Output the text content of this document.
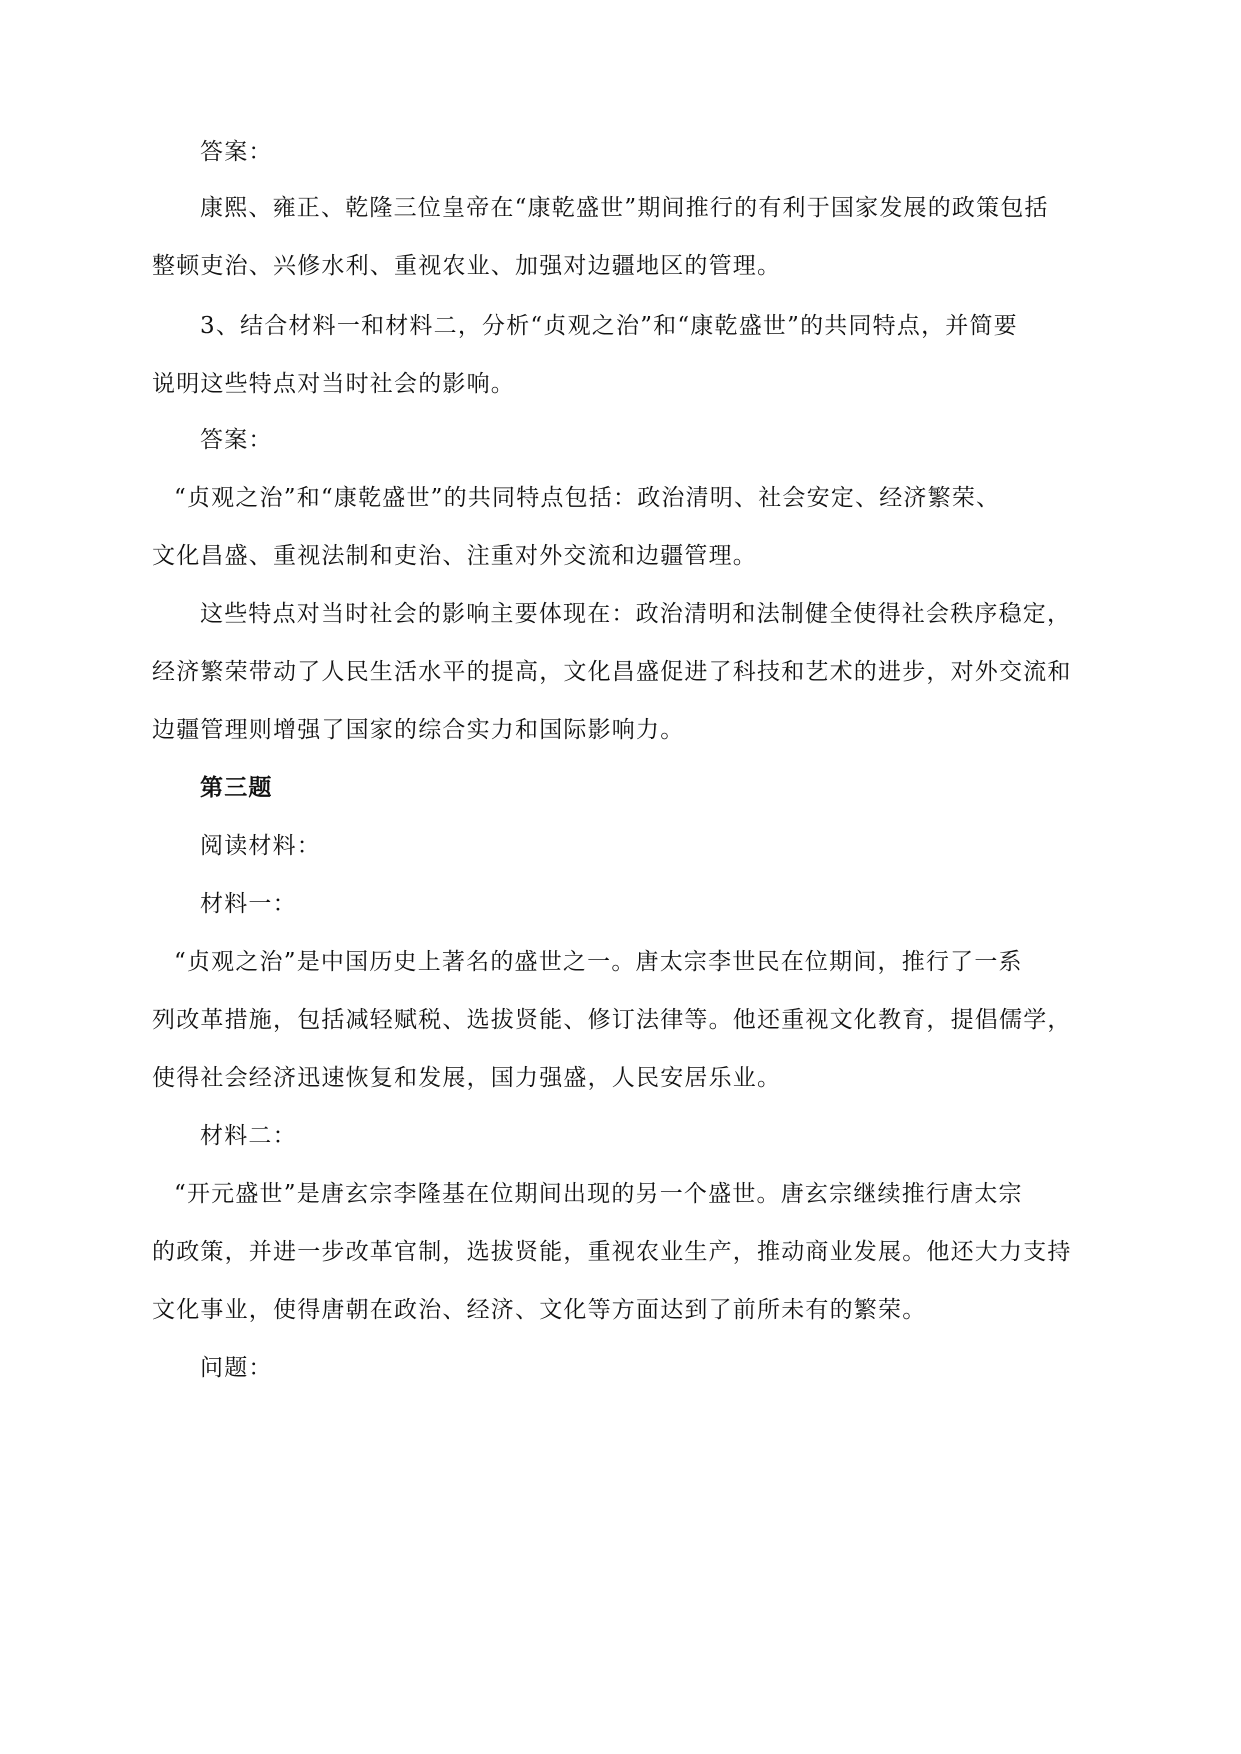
答案：
康熙、雍正、乾隆三位皇帝在“康乾盛世”期间推行的有利于国家发展的政策包括
整顿吏治、兴修水利、重视农业、加强对边疆地区的管理。
3、结合材料一和材料二，分析“贞观之治”和“康乾盛世”的共同特点，并简要
说明这些特点对当时社会的影响。
答案：
“贞观之治”和“康乾盛世”的共同特点包括：政治清明、社会安定、经济繁荣、
文化昌盛、重视法制和吏治、注重对外交流和边疆管理。
这些特点对当时社会的影响主要体现在：政治清明和法制健全使得社会秩序稳定，
经济繁荣带动了人民生活水平的提高，文化昌盛促进了科技和艺术的进步，对外交流和
边疆管理则增强了国家的综合实力和国际影响力。
第三题
阅读材料：
材料一：
“贞观之治”是中国历史上著名的盛世之一。唐太宗李世民在位期间，推行了一系
列改革措施，包括减轻赋税、选拔贤能、修订法律等。他还重视文化教育，提倡儒学，
使得社会经济迅速恢复和发展，国力强盛，人民安居乐业。
材料二：
“开元盛世”是唐玄宗李隆基在位期间出现的另一个盛世。唐玄宗继续推行唐太宗
的政策，并进一步改革官制，选拔贤能，重视农业生产，推动商业发展。他还大力支持
文化事业，使得唐朝在政治、经济、文化等方面达到了前所未有的繁荣。
问题：
